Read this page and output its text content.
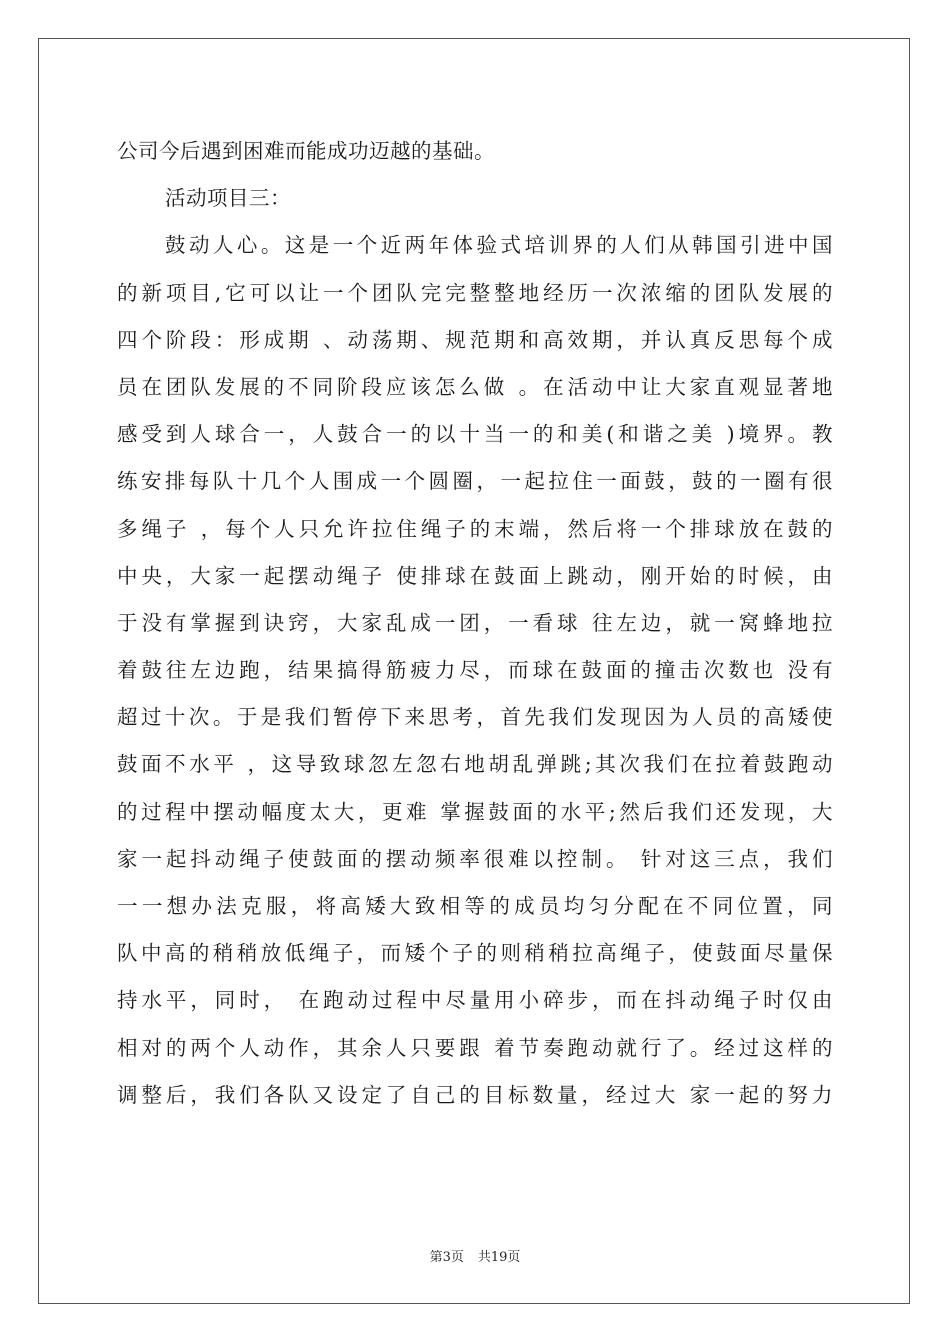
公司今后遇到困难而能成功迈越的基础。
活动项目三：
鼓动人心。这是一个近两年体验式培训界的人们从韩国引进中国
的新项目,它可以让一个团队完完整整地经历一次浓缩的团队发展的
四个阶段：形成期 、动荡期、规范期和高效期，并认真反思每个成
员在团队发展的不同阶段应该怎么做 。在活动中让大家直观显著地
感受到人球合一，人鼓合一的以十当一的和美(和谐之美 )境界。教
练安排每队十几个人围成一个圆圈，一起拉住一面鼓，鼓的一圈有很
多绳子 ，每个人只允许拉住绳子的末端，然后将一个排球放在鼓的
中央，大家一起摆动绳子 使排球在鼓面上跳动，刚开始的时候，由
于没有掌握到诀窍，大家乱成一团，一看球 往左边，就一窝蜂地拉
着鼓往左边跑，结果搞得筋疲力尽，而球在鼓面的撞击次数也 没有
超过十次。于是我们暂停下来思考，首先我们发现因为人员的高矮使
鼓面不水平 ，这导致球忽左忽右地胡乱弹跳;其次我们在拉着鼓跑动
的过程中摆动幅度太大，更难 掌握鼓面的水平;然后我们还发现，大
家一起抖动绳子使鼓面的摆动频率很难以控制。 针对这三点，我们
一一想办法克服，将高矮大致相等的成员均匀分配在不同位置，同
队中高的稍稍放低绳子，而矮个子的则稍稍拉高绳子，使鼓面尽量保
持水平，同时， 在跑动过程中尽量用小碎步，而在抖动绳子时仅由
相对的两个人动作，其余人只要跟 着节奏跑动就行了。经过这样的
调整后，我们各队又设定了自己的目标数量，经过大 家一起的努力
第3页 共19页
